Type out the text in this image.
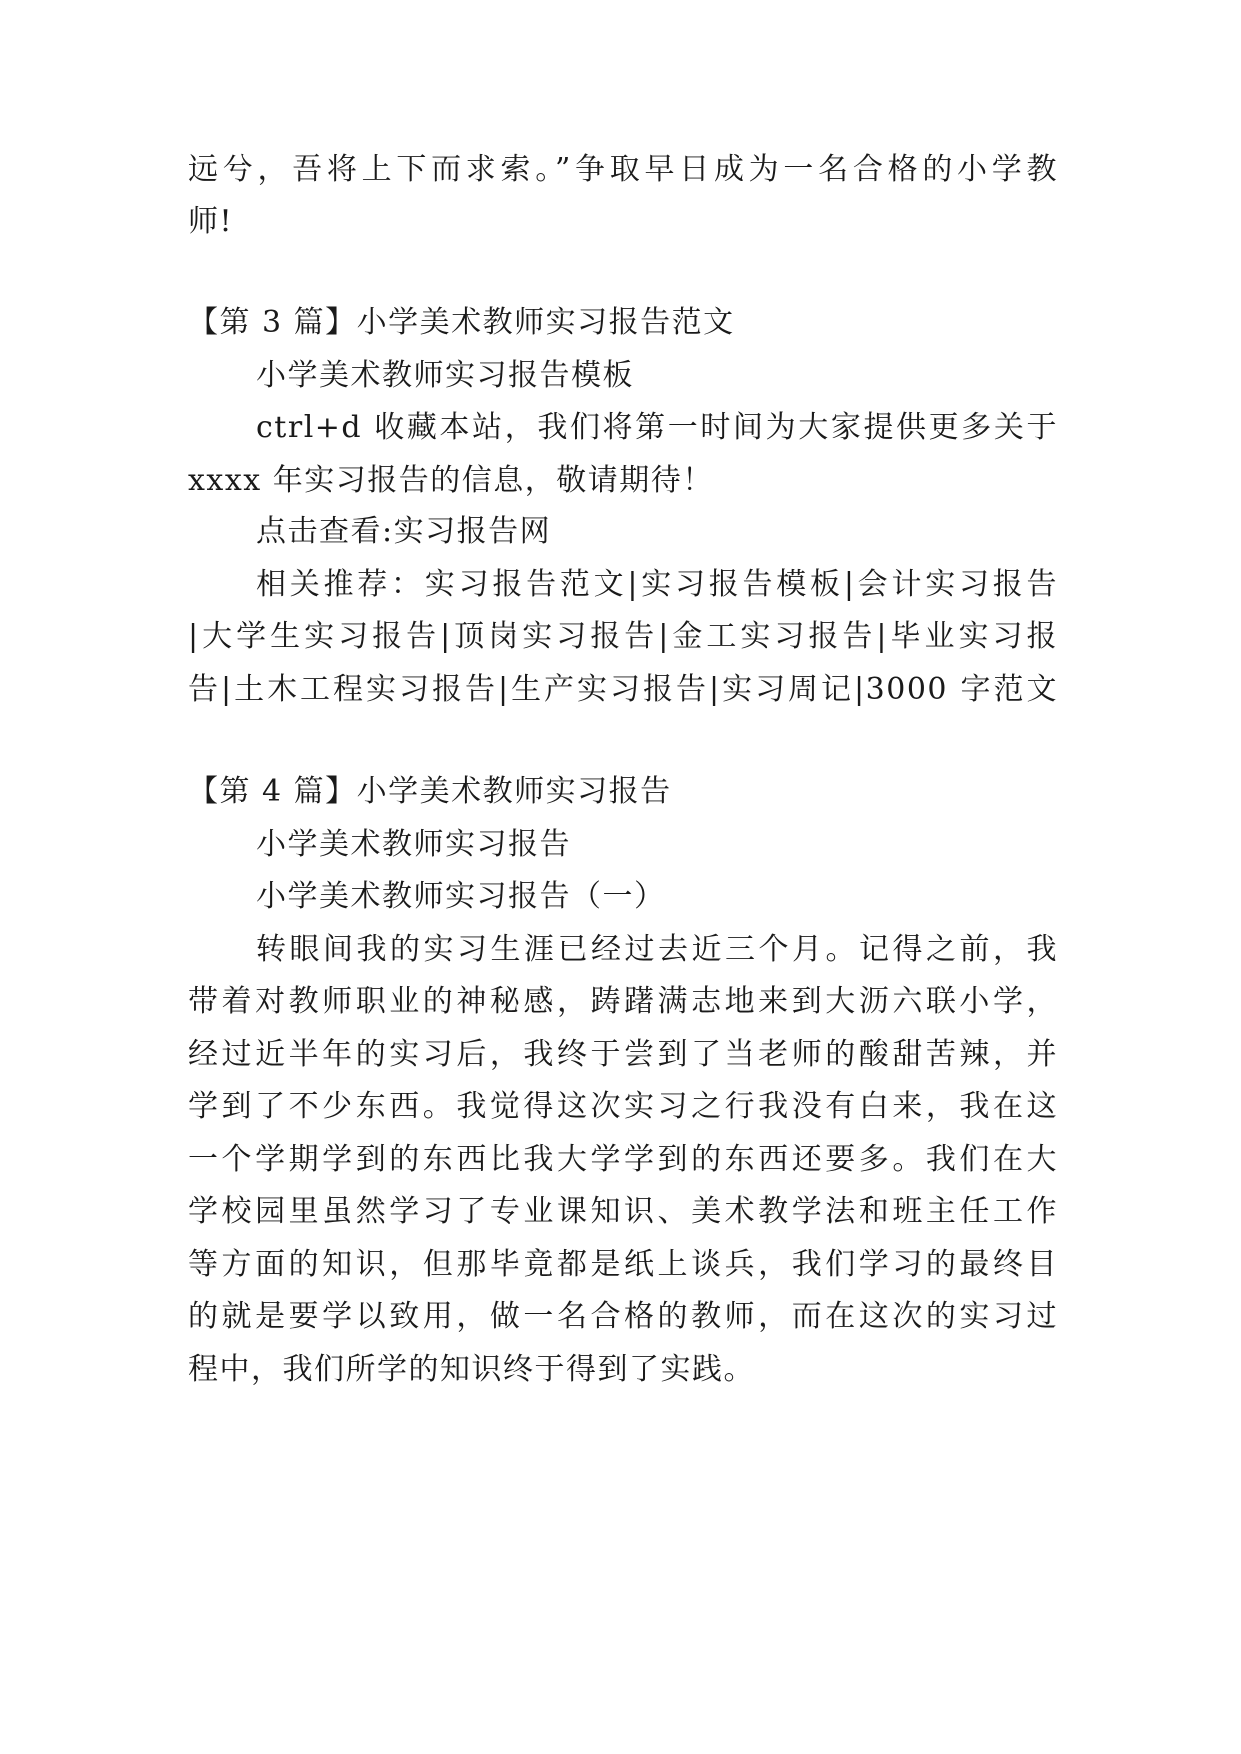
远兮，吾将上下而求索。”争取早日成为一名合格的小学教
师!
【第 3 篇】小学美术教师实习报告范文
小学美术教师实习报告模板
ctrl+d 收藏本站，我们将第一时间为大家提供更多关于
xxxx 年实习报告的信息，敬请期待！
点击查看:实习报告网
相关推荐：实习报告范文|实习报告模板|会计实习报告
|大学生实习报告|顶岗实习报告|金工实习报告|毕业实习报
告|土木工程实习报告|生产实习报告|实习周记|3000 字范文
【第 4 篇】小学美术教师实习报告
小学美术教师实习报告
小学美术教师实习报告（一）
转眼间我的实习生涯已经过去近三个月。记得之前，我
带着对教师职业的神秘感，踌躇满志地来到大沥六联小学，
经过近半年的实习后，我终于尝到了当老师的酸甜苦辣，并
学到了不少东西。我觉得这次实习之行我没有白来，我在这
一个学期学到的东西比我大学学到的东西还要多。我们在大
学校园里虽然学习了专业课知识、美术教学法和班主任工作
等方面的知识，但那毕竟都是纸上谈兵，我们学习的最终目
的就是要学以致用，做一名合格的教师，而在这次的实习过
程中，我们所学的知识终于得到了实践。
